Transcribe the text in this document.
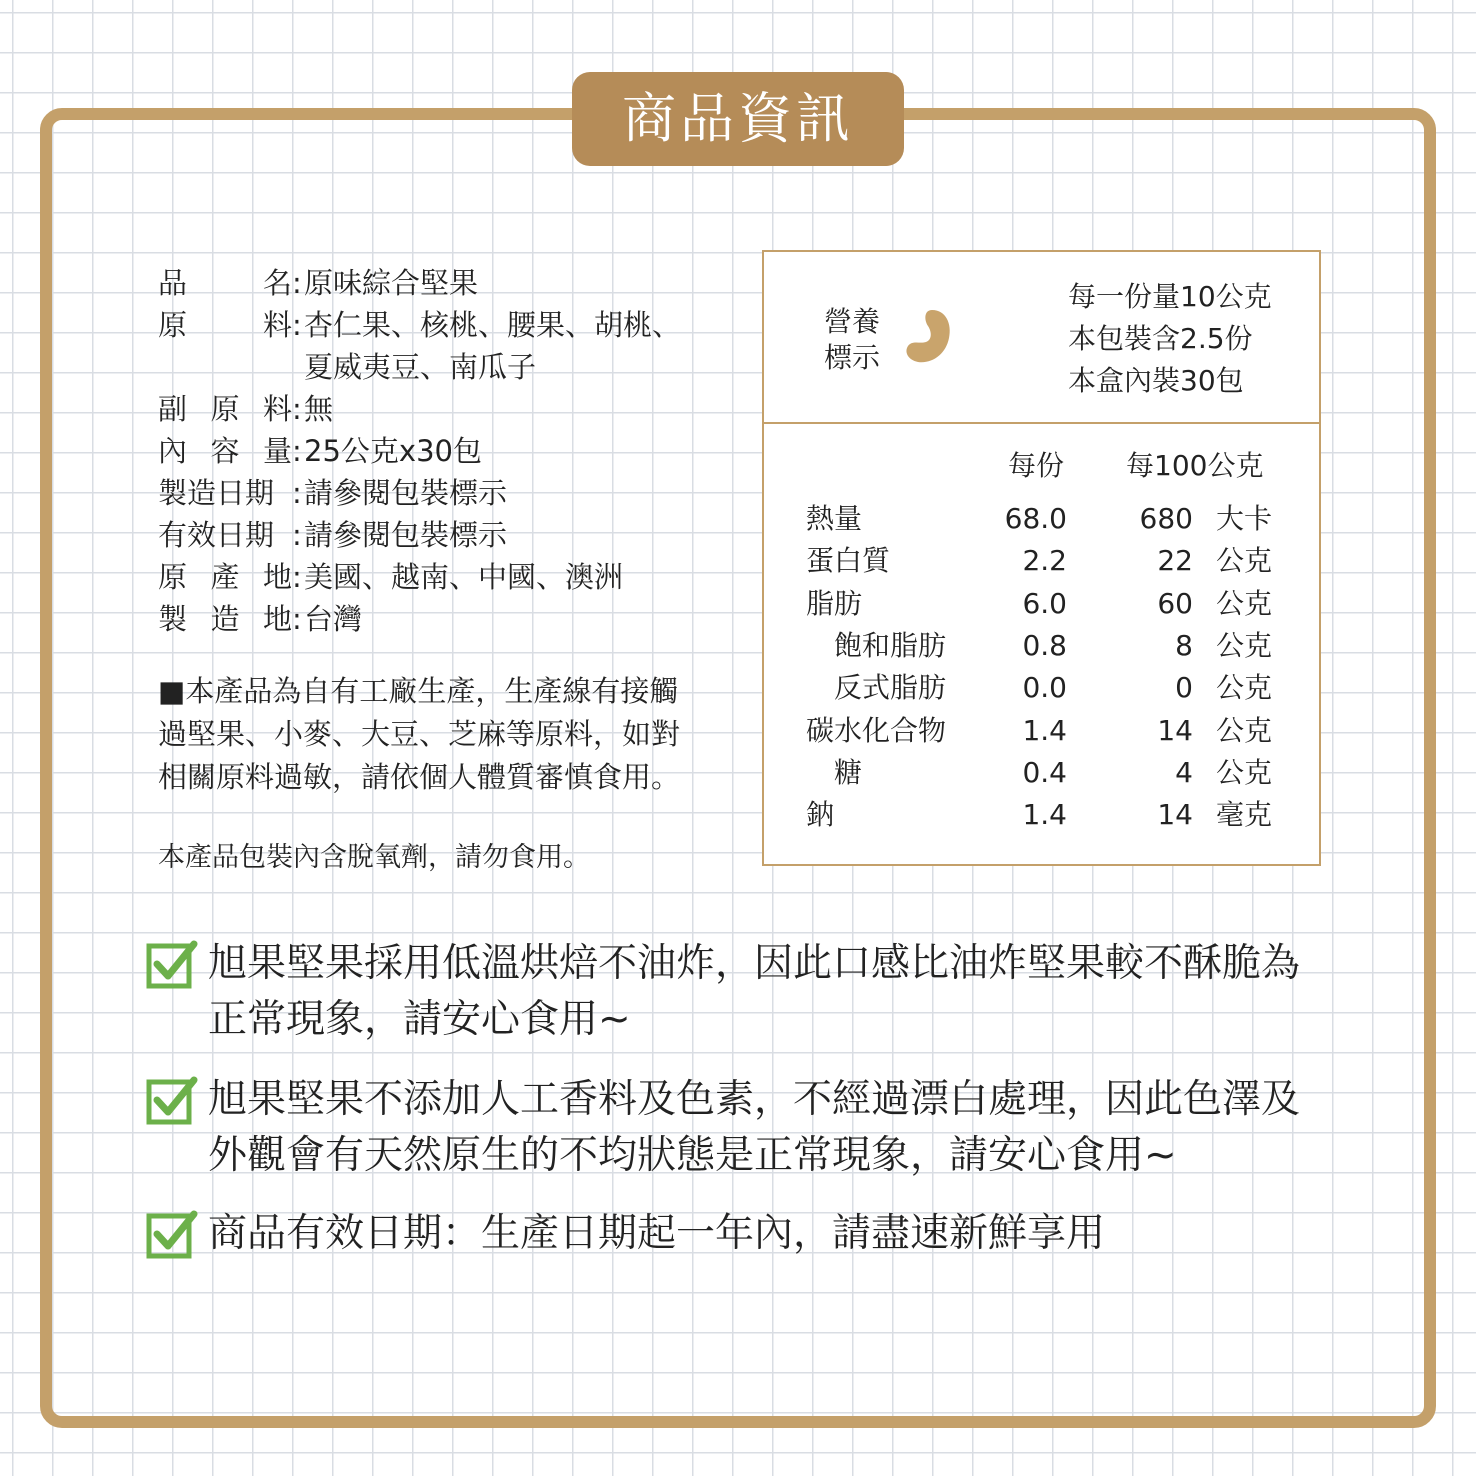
商品資訊
品	名 : 原味綜合堅果
原	料 : 杏仁果、核桃、腰果、胡桃、
夏威夷豆、南瓜子
副 原 料 : 無
內 容 量 : 25公克x30包
製造日期 : 請參閱包裝標示
有效日期 : 請參閱包裝標示
原 產 地 : 美國、越南、中國、澳洲
製 造 地 : 台灣
■本產品為自有工廠生產，生產線有接觸
過堅果、小麥、大豆、芝麻等原料，如對
相關原料過敏，請依個人體質審慎食用。
本產品包裝內含脫氧劑，請勿食用。
營養
標示
每一份量10公克
本包裝含2.5份
本盒內裝30包
每份 每100公克
熱量	68.0	680 大卡
蛋白質	2.2	22 公克
脂肪	6.0	60 公克
飽和脂肪	0.8	8 公克
反式脂肪	0.0	0 公克
碳水化合物	1.4	14 公克
糖	0.4	4 公克
鈉	1.4	14 毫克
旭果堅果採用低溫烘焙不油炸，因此口感比油炸堅果較不酥脆為
正常現象，請安心食用~
旭果堅果不添加人工香料及色素，不經過漂白處理，因此色澤及
外觀會有天然原生的不均狀態是正常現象，請安心食用~
商品有效日期：生產日期起一年內，請盡速新鮮享用
